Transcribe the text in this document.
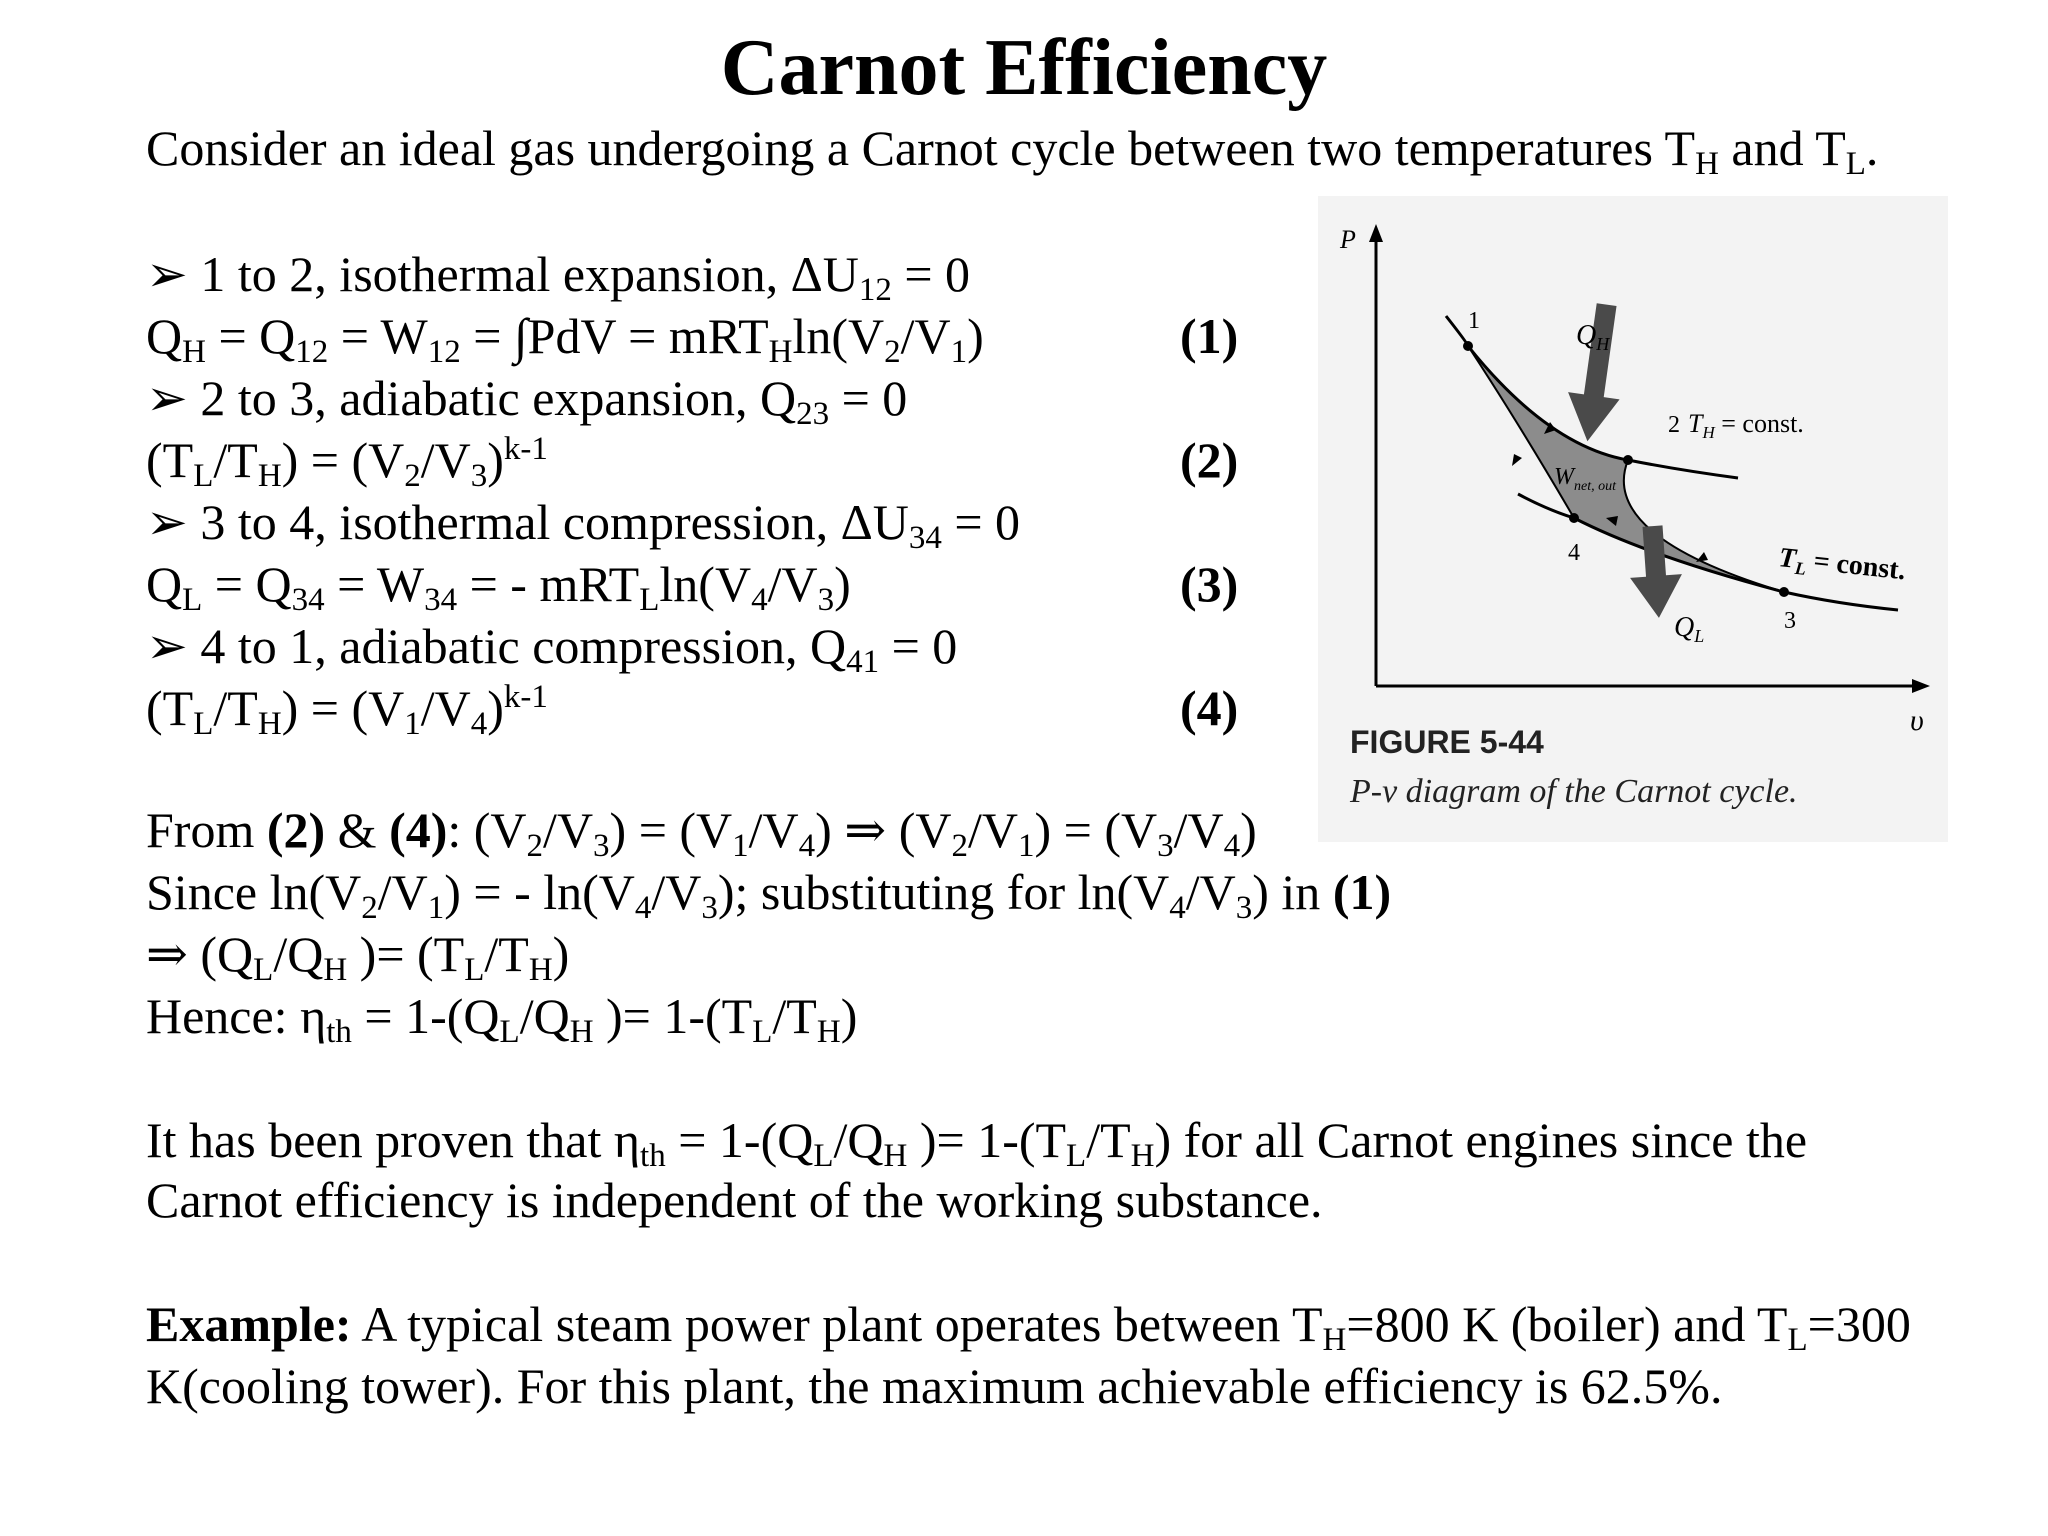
Carnot Efficiency
Consider an ideal gas undergoing a Carnot cycle between two temperatures $T_H$ and $T_L$.
➢ 1 to 2, isothermal expansion, $\Delta U_{12} = 0$
$Q_H = Q_{12} = W_{12} = \int PdV = mRT_H\ln(V_2/V_1)$	(1)
➢ 2 to 3, adiabatic expansion, $Q_{23} = 0$
$(T_L/T_H) = (V_2/V_3)^{k-1}$	(2)
➢ 3 to 4, isothermal compression, $\Delta U_{34} = 0$
$Q_L = Q_{34} = W_{34}$ = - $mRT_L\ln(V_4/V_3)$	(3)
➢ 4 to 1, adiabatic compression, $Q_{41} = 0$
$(T_L/T_H) = (V_1/V_4)^{k-1}$	(4)
From (2) & (4): $(V_2/V_3) = (V_1/V_4)$ ⇒ $(V_2/V_1) = (V_3/V_4)$
Since $\ln(V_2/V_1)$ = - $\ln(V_4/V_3)$; substituting for $\ln(V_4/V_3)$ in (1)
⇒ ($Q_L/Q_H$ )= $(T_L/T_H)$
Hence: $\eta_{th} = 1-(Q_L/Q_H$ )= $1-(T_L/T_H)$
It has been proven that $\eta_{th} = 1-(Q_L/Q_H$ )= $1-(T_L/T_H)$ for all Carnot engines since the
Carnot efficiency is independent of the working substance.
Example: A typical steam power plant operates between $T_H=800$ K (boiler) and $T_L=300$
K(cooling tower). For this plant, the maximum achievable efficiency is 62.5%.
P
υ
1
2
3
4
$Q_H$
$Q_L$
$W_{net, out}$
$T_H$ = const.
$T_L$ = const.
FIGURE 5-44
P-v diagram of the Carnot cycle.
